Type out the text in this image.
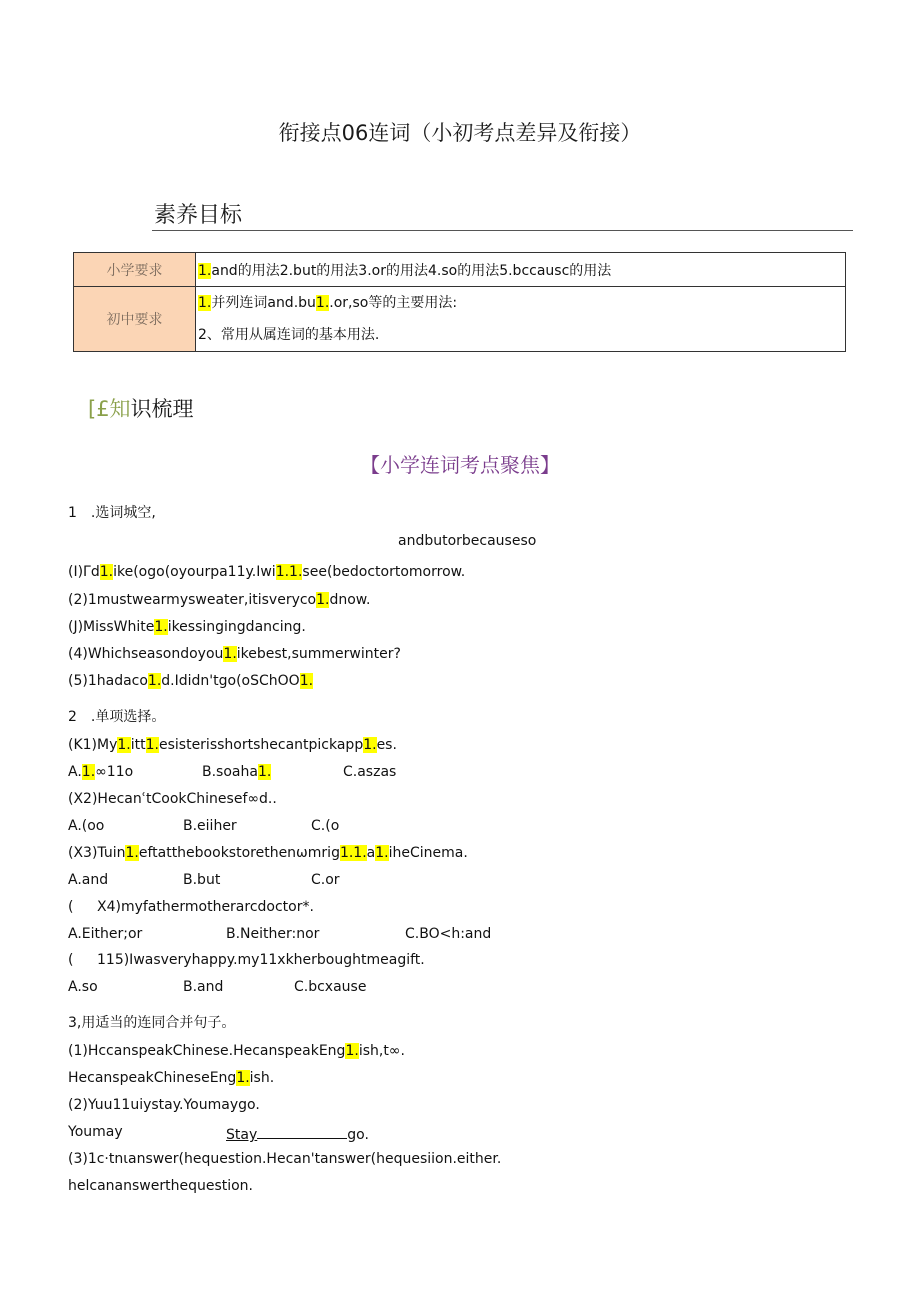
衔接点06连词（小初考点差异及衔接）
素养目标
小学要求	1.and的用法2.but的用法3.or的用法4.so的用法5.bccausc的用法
初中要求	1.并列连词and.bu1..or,so等的主要用法:
2、常用从属连词的基本用法.
[£知识梳理
【小学连词考点聚焦】
1　.选词城空,
andbutorbecauseso
(I)Γd1.ike(ogo(oyourpa11y.Iwi1.1.see(bedoctortomorrow.
(2)1mustwearmysweater,itisveryco1.dnow.
(J)MissWhite1.ikessingingdancing.
(4)Whichseasondoyou1.ikebest,summerwinter?
(5)1hadaco1.d.Ididn'tgo(oSChOO1.
2　.单项选择。
(K1)My1.itt1.esisterisshortshecantpickapp1.es.
A.1.∞11o	B.soaha1.	C.aszas
(X2)HecanʿtCookChinesef∞d..
A.(oo	B.eiiher	C.(o
(X3)Tuin1.eftatthebookstorethenωmrig1.1.a1.iheCinema.
A.and	B.but	C.or
( X4)myfathermotherarcdoctor*.
A.Either;or	B.Neither:nor	C.BO<h:and
( 115)Iwasveryhappy.my11xkherboughtmeagift.
A.so	B.and	C.bcxause
3,用适当的连同合并句子。
(1)HccanspeakChinese.HecanspeakEng1.ish,t∞.
HecanspeakChineseEng1.ish.
(2)Yuu11uiystay.Youmaygo.
Youmay	Stay	go.
(3)1c·tnιanswer(hequestion.Hecan'tanswer(hequesiion.either.
helcananswerthequestion.
